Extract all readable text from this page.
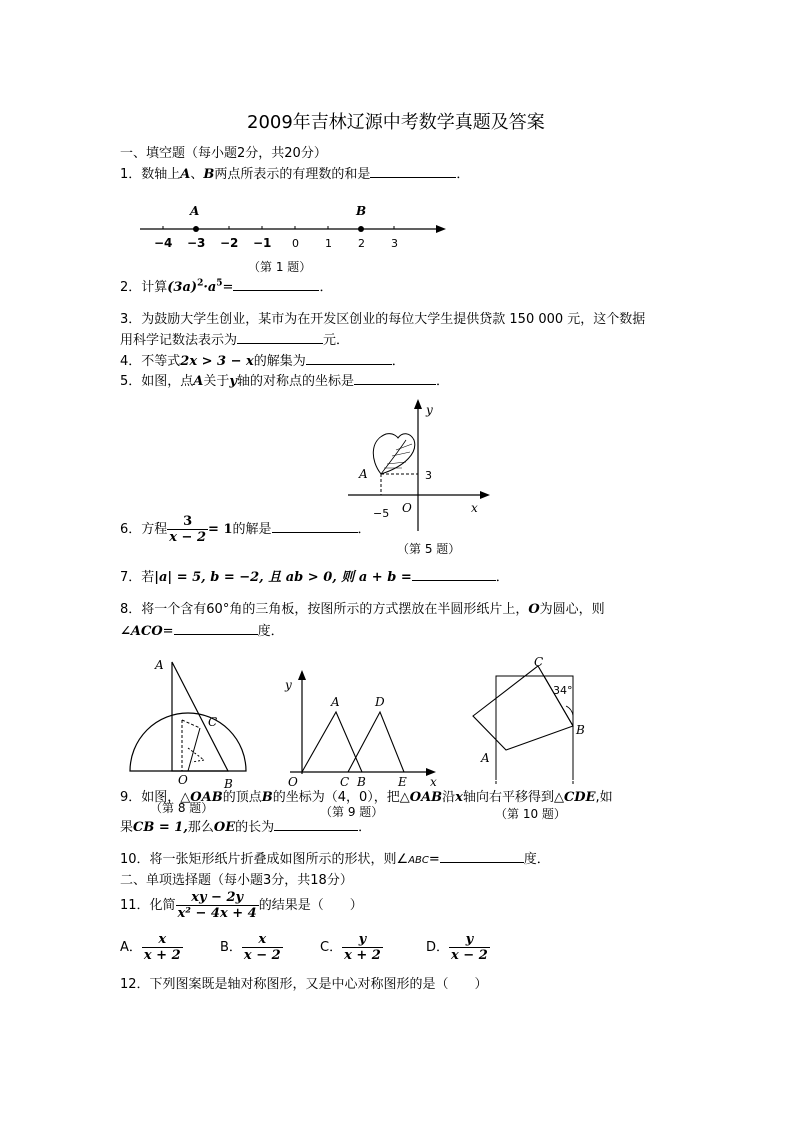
2009年吉林辽源中考数学真题及答案
一、填空题（每小题2分，共20分）
1．数轴上A、B两点所表示的有理数的和是	．
A	B
−4 −3 −2 −1 0 1 2 3
（第 1 题）
2．计算$(3a)^2\cdot a^5=$	．
3．为鼓励大学生创业，某市为在开发区创业的每位大学生提供贷款 150 000 元，这个数据
用科学记数法表示为	元．
4．不等式2x > 3 − x的解集为	．
5．如图，点A关于y轴的对称点的坐标是	．
A	3
y
x
O
−5
（第 5 题）
6．方程 $\frac{3}{x - 2} = 1$的解是	．
7．若|a| = 5, b = −2, 且 ab > 0, 则 a + b =	．
8．将一个含有60°角的三角板，按图所示的方式摆放在半圆形纸片上，O为圆心，则
∠ACO=	度．
A
C
O	B
（第 8 题）
y
A	D
O	C B	E x
（第 9 题）
C
34°
B
A
（第 10 题）
9．如图，△OAB的顶点B的坐标为（4，0），把△OAB沿x轴向右平移得到△CDE,如
果CB = 1,那么OE的长为	．
10．将一张矩形纸片折叠成如图所示的形状，则∠ABC=	度．
二、单项选择题（每小题3分，共18分）
11．化简 $\frac{xy - 2y}{\text{x² − 4x + 4}}$ 的结果是（　　）
A． $\frac{x}{x + 2}$	B． $\frac{x}{x - 2}$	C． $\frac{y}{x + 2}$	D． $\frac{y}{x - 2}$
12．下列图案既是轴对称图形，又是中心对称图形的是（　　）
